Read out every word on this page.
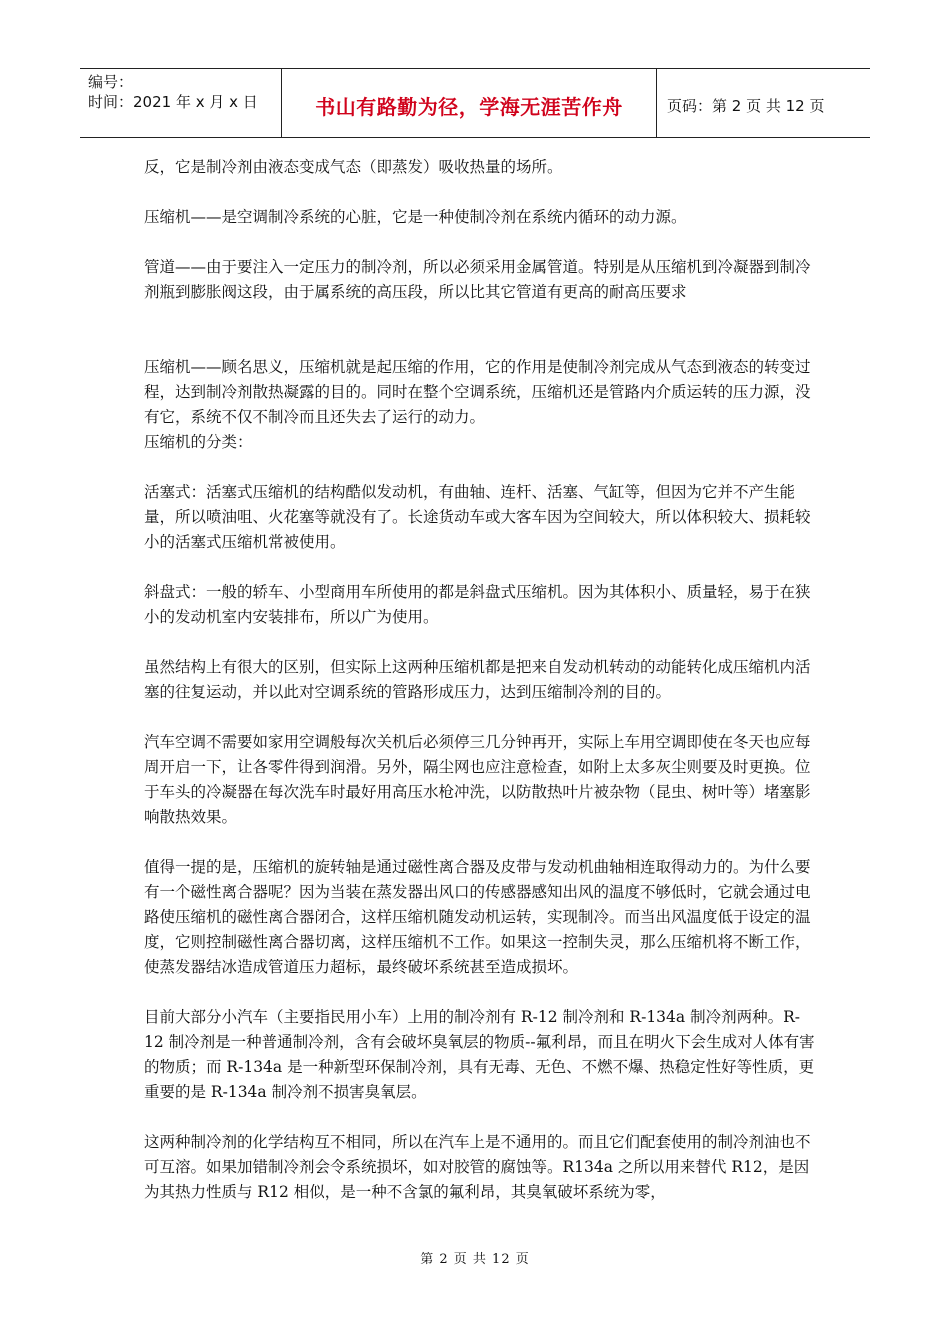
编号：
时间：2021 年 x 月 x 日	书山有路勤为径，学海无涯苦作舟	页码：第 2 页 共 12 页

反，它是制冷剂由液态变成气态（即蒸发）吸收热量的场所。

压缩机——是空调制冷系统的心脏，它是一种使制冷剂在系统内循环的动力源。

管道——由于要注入一定压力的制冷剂，所以必须采用金属管道。特别是从压缩机到冷凝器到制冷剂瓶到膨胀阀这段，由于属系统的高压段，所以比其它管道有更高的耐高压要求

压缩机——顾名思义，压缩机就是起压缩的作用，它的作用是使制冷剂完成从气态到液态的转变过程，达到制冷剂散热凝露的目的。同时在整个空调系统，压缩机还是管路内介质运转的压力源，没有它，系统不仅不制冷而且还失去了运行的动力。

压缩机的分类：

活塞式：活塞式压缩机的结构酷似发动机，有曲轴、连杆、活塞、气缸等，但因为它并不产生能量，所以喷油咀、火花塞等就没有了。长途货动车或大客车因为空间较大，所以体积较大、损耗较小的活塞式压缩机常被使用。

斜盘式：一般的轿车、小型商用车所使用的都是斜盘式压缩机。因为其体积小、质量轻，易于在狭小的发动机室内安装排布，所以广为使用。

虽然结构上有很大的区别，但实际上这两种压缩机都是把来自发动机转动的动能转化成压缩机内活塞的往复运动，并以此对空调系统的管路形成压力，达到压缩制冷剂的目的。

汽车空调不需要如家用空调般每次关机后必须停三几分钟再开，实际上车用空调即使在冬天也应每周开启一下，让各零件得到润滑。另外，隔尘网也应注意检查，如附上太多灰尘则要及时更换。位于车头的冷凝器在每次洗车时最好用高压水枪冲洗，以防散热叶片被杂物（昆虫、树叶等）堵塞影响散热效果。

值得一提的是，压缩机的旋转轴是通过磁性离合器及皮带与发动机曲轴相连取得动力的。为什么要有一个磁性离合器呢？因为当装在蒸发器出风口的传感器感知出风的温度不够低时，它就会通过电路使压缩机的磁性离合器闭合，这样压缩机随发动机运转，实现制冷。而当出风温度低于设定的温度，它则控制磁性离合器切离，这样压缩机不工作。如果这一控制失灵，那么压缩机将不断工作，使蒸发器结冰造成管道压力超标，最终破坏系统甚至造成损坏。

目前大部分小汽车（主要指民用小车）上用的制冷剂有 R-12 制冷剂和 R-134a 制冷剂两种。R-12 制冷剂是一种普通制冷剂，含有会破坏臭氧层的物质--氟利昂，而且在明火下会生成对人体有害的物质；而 R-134a 是一种新型环保制冷剂，具有无毒、无色、不燃不爆、热稳定性好等性质，更重要的是 R-134a 制冷剂不损害臭氧层。

这两种制冷剂的化学结构互不相同，所以在汽车上是不通用的。而且它们配套使用的制冷剂油也不可互溶。如果加错制冷剂会令系统损坏，如对胶管的腐蚀等。R134a 之所以用来替代 R12，是因为其热力性质与 R12 相似，是一种不含氯的氟利昂，其臭氧破坏系统为零，

第 2 页 共 12 页
